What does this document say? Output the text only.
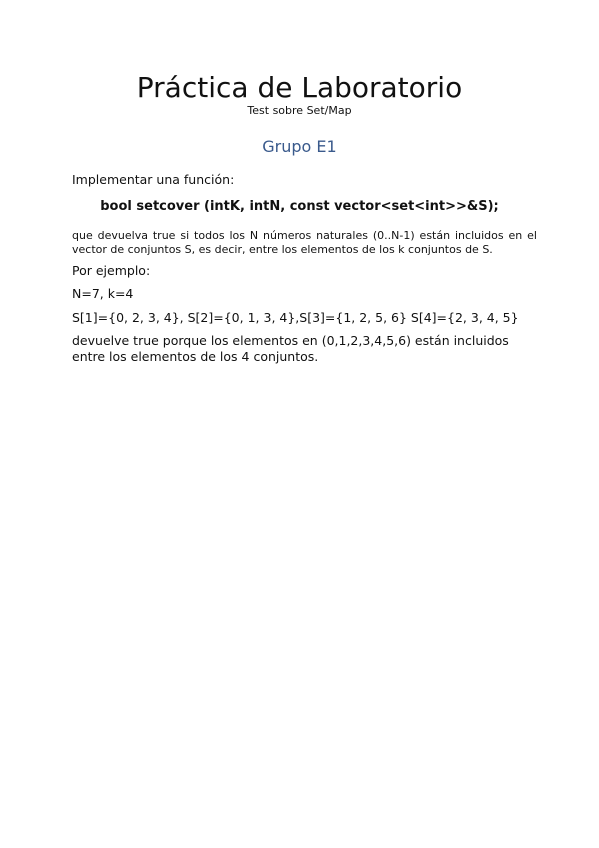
Práctica de Laboratorio
Test sobre Set/Map
Grupo E1
Implementar una función:
bool setcover (intK, intN, const vector<set<int>>&S);
que devuelva true si todos los N números naturales (0..N-1) están incluidos en el vector de conjuntos S, es decir, entre los elementos de los k conjuntos de S.
Por ejemplo:
N=7, k=4
S[1]={0, 2, 3, 4}, S[2]={0, 1, 3, 4},S[3]={1, 2, 5, 6} S[4]={2, 3, 4, 5}
devuelve true porque los elementos en (0,1,2,3,4,5,6) están incluidos entre los elementos de los 4 conjuntos.
